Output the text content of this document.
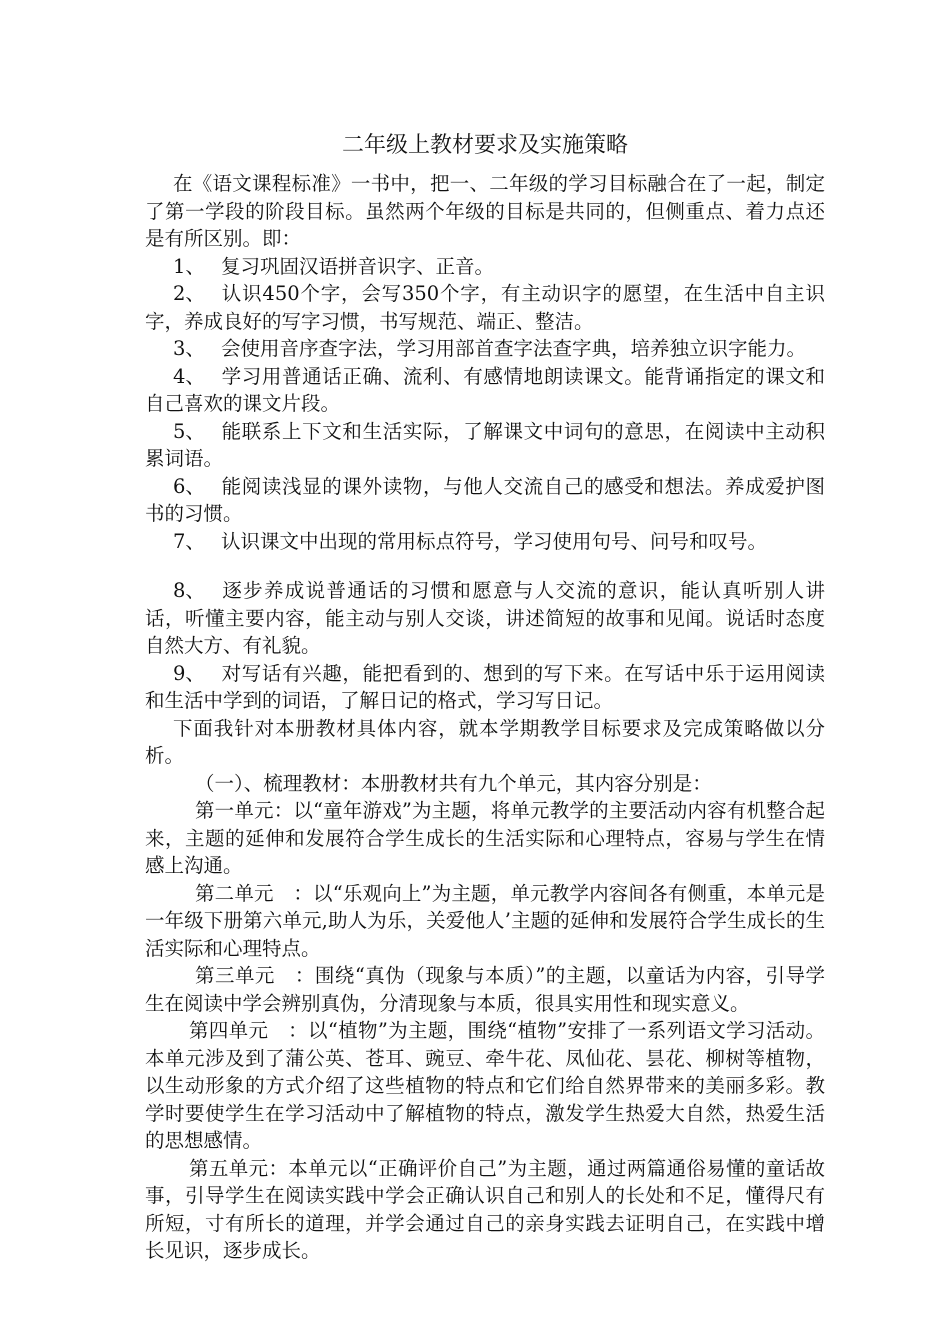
二年级上教材要求及实施策略

在《语文课程标准》一书中，把一、二年级的学习目标融合在了一起，制定了第一学段的阶段目标。虽然两个年级的目标是共同的，但侧重点、着力点还是有所区别。即：

1、 复习巩固汉语拼音识字、正音。

2、 认识450个字，会写350个字，有主动识字的愿望，在生活中自主识字，养成良好的写字习惯，书写规范、端正、整洁。

3、 会使用音序查字法，学习用部首查字法查字典，培养独立识字能力。

4、 学习用普通话正确、流利、有感情地朗读课文。能背诵指定的课文和自己喜欢的课文片段。

5、 能联系上下文和生活实际，了解课文中词句的意思，在阅读中主动积累词语。

6、 能阅读浅显的课外读物，与他人交流自己的感受和想法。养成爱护图书的习惯。

7、 认识课文中出现的常用标点符号，学习使用句号、问号和叹号。

8、 逐步养成说普通话的习惯和愿意与人交流的意识，能认真听别人讲话，听懂主要内容，能主动与别人交谈，讲述简短的故事和见闻。说话时态度自然大方、有礼貌。

9、 对写话有兴趣，能把看到的、想到的写下来。在写话中乐于运用阅读和生活中学到的词语，了解日记的格式，学习写日记。

下面我针对本册教材具体内容，就本学期教学目标要求及完成策略做以分析。

（一）、梳理教材：本册教材共有九个单元，其内容分别是：

第一单元：以“童年游戏”为主题，将单元教学的主要活动内容有机整合起来，主题的延伸和发展符合学生成长的生活实际和心理特点，容易与学生在情感上沟通。

第二单元　：以“乐观向上”为主题，单元教学内容间各有侧重，本单元是一年级下册第六单元,助人为乐，关爱他人’主题的延伸和发展符合学生成长的生活实际和心理特点。

第三单元　：围绕“真伪（现象与本质）”的主题，以童话为内容，引导学生在阅读中学会辨别真伪，分清现象与本质，很具实用性和现实意义。

第四单元　：以“植物”为主题，围绕“植物”安排了一系列语文学习活动。本单元涉及到了蒲公英、苍耳、豌豆、牵牛花、凤仙花、昙花、柳树等植物，以生动形象的方式介绍了这些植物的特点和它们给自然界带来的美丽多彩。教学时要使学生在学习活动中了解植物的特点，激发学生热爱大自然，热爱生活的思想感情。

第五单元：本单元以“正确评价自己”为主题，通过两篇通俗易懂的童话故事，引导学生在阅读实践中学会正确认识自己和别人的长处和不足，懂得尺有所短，寸有所长的道理，并学会通过自己的亲身实践去证明自己，在实践中增长见识，逐步成长。
